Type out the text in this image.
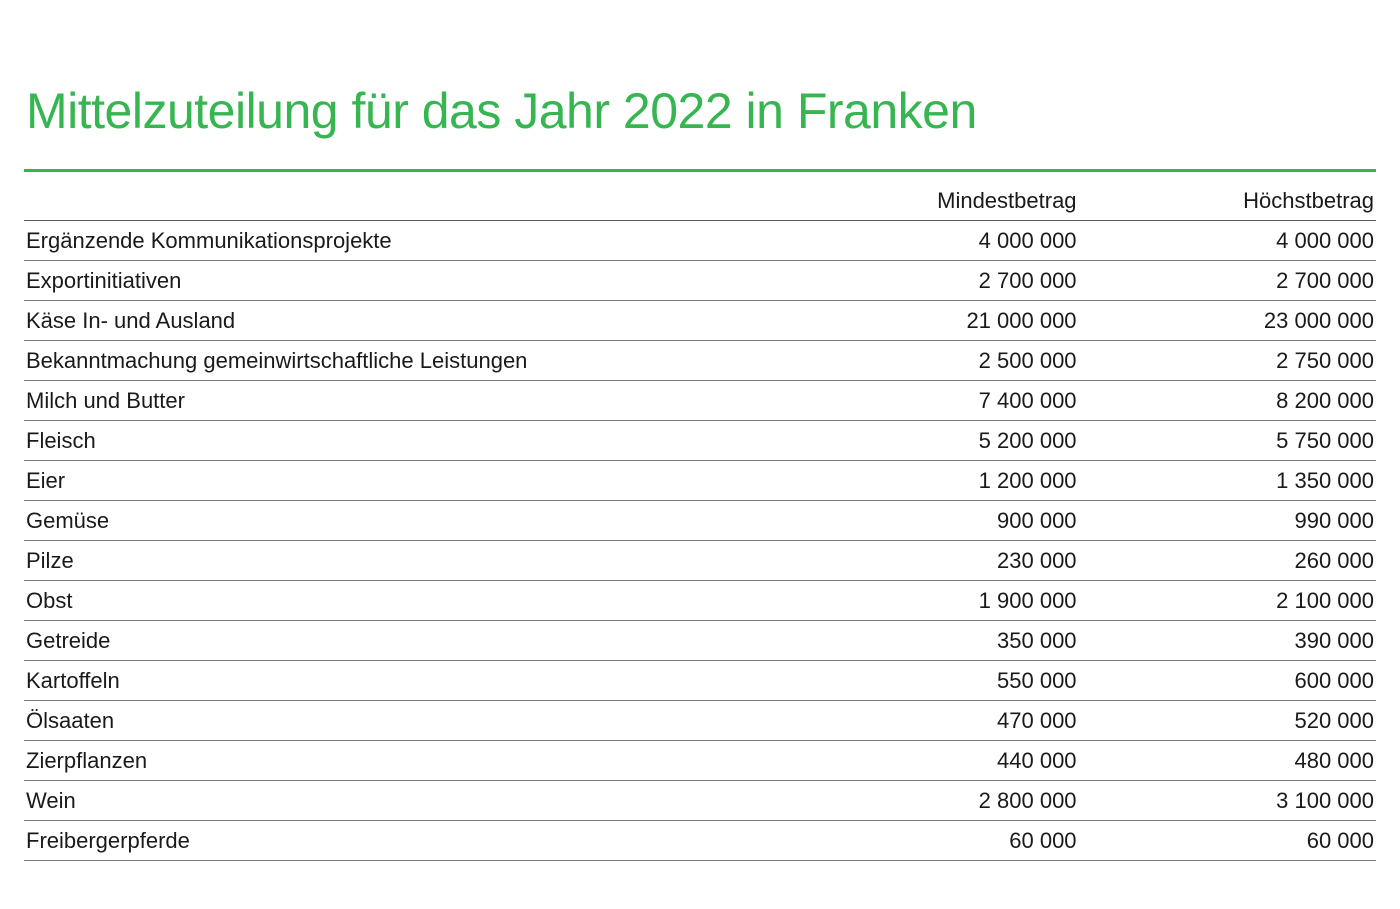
Mittelzuteilung für das Jahr 2022 in Franken
	Mindestbetrag	Höchstbetrag
Ergänzende Kommunikationsprojekte	4 000 000	4 000 000
Exportinitiativen	2 700 000	2 700 000
Käse In- und Ausland	21 000 000	23 000 000
Bekanntmachung gemeinwirtschaftliche Leistungen	2 500 000	2 750 000
Milch und Butter	7 400 000	8 200 000
Fleisch	5 200 000	5 750 000
Eier	1 200 000	1 350 000
Gemüse	900 000	990 000
Pilze	230 000	260 000
Obst	1 900 000	2 100 000
Getreide	350 000	390 000
Kartoffeln	550 000	600 000
Ölsaaten	470 000	520 000
Zierpflanzen	440 000	480 000
Wein	2 800 000	3 100 000
Freibergerpferde	60 000	60 000
